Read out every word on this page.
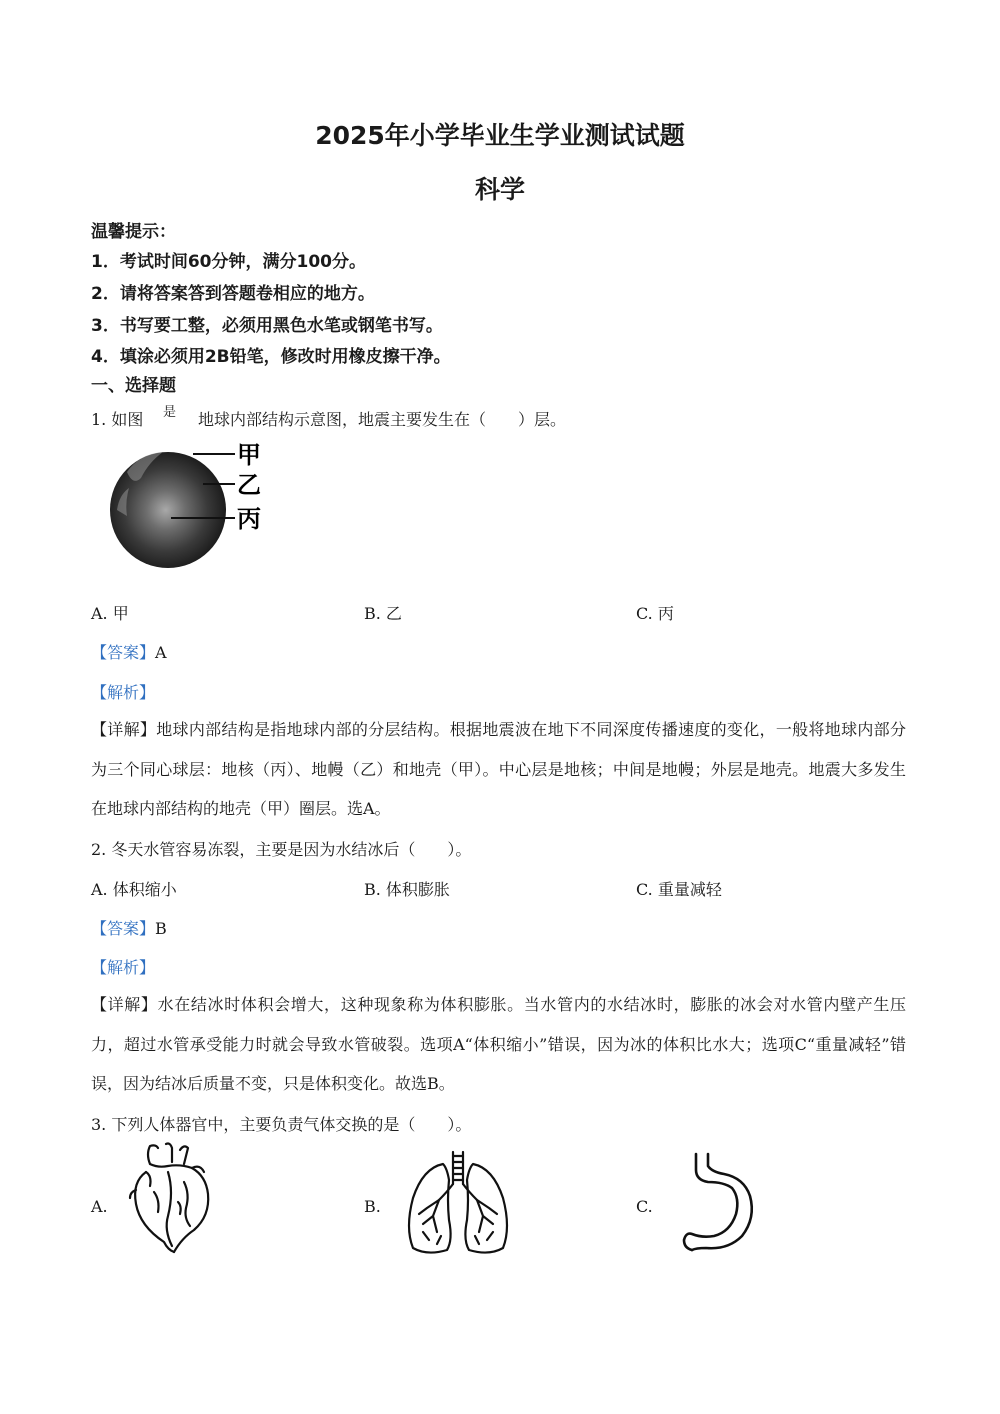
2025年小学毕业生学业测试试题
科学
温馨提示：
1．考试时间60分钟，满分100分。
2．请将答案答到答题卷相应的地方。
3．书写要工整，必须用黑色水笔或钢笔书写。
4．填涂必须用2B铅笔，修改时用橡皮擦干净。
一、选择题
1. 如图 是 地球内部结构示意图，地震主要发生在（　　）层。
甲
乙
丙
A. 甲	B. 乙	C. 丙
【答案】A
【解析】
【详解】地球内部结构是指地球内部的分层结构。根据地震波在地下不同深度传播速度的变化，一般将地球内部分为三个同心球层：地核（丙）、地幔（乙）和地壳（甲）。中心层是地核；中间是地幔；外层是地壳。地震大多发生在地球内部结构的地壳（甲）圈层。选A。
2. 冬天水管容易冻裂，主要是因为水结冰后（　　）。
A. 体积缩小	B. 体积膨胀	C. 重量减轻
【答案】B
【解析】
【详解】水在结冰时体积会增大，这种现象称为体积膨胀。当水管内的水结冰时，膨胀的冰会对水管内壁产生压力，超过水管承受能力时就会导致水管破裂。选项A“体积缩小”错误，因为冰的体积比水大；选项C“重量减轻”错误，因为结冰后质量不变，只是体积变化。故选B。
3. 下列人体器官中，主要负责气体交换的是（　　）。
A.	B.	C.
